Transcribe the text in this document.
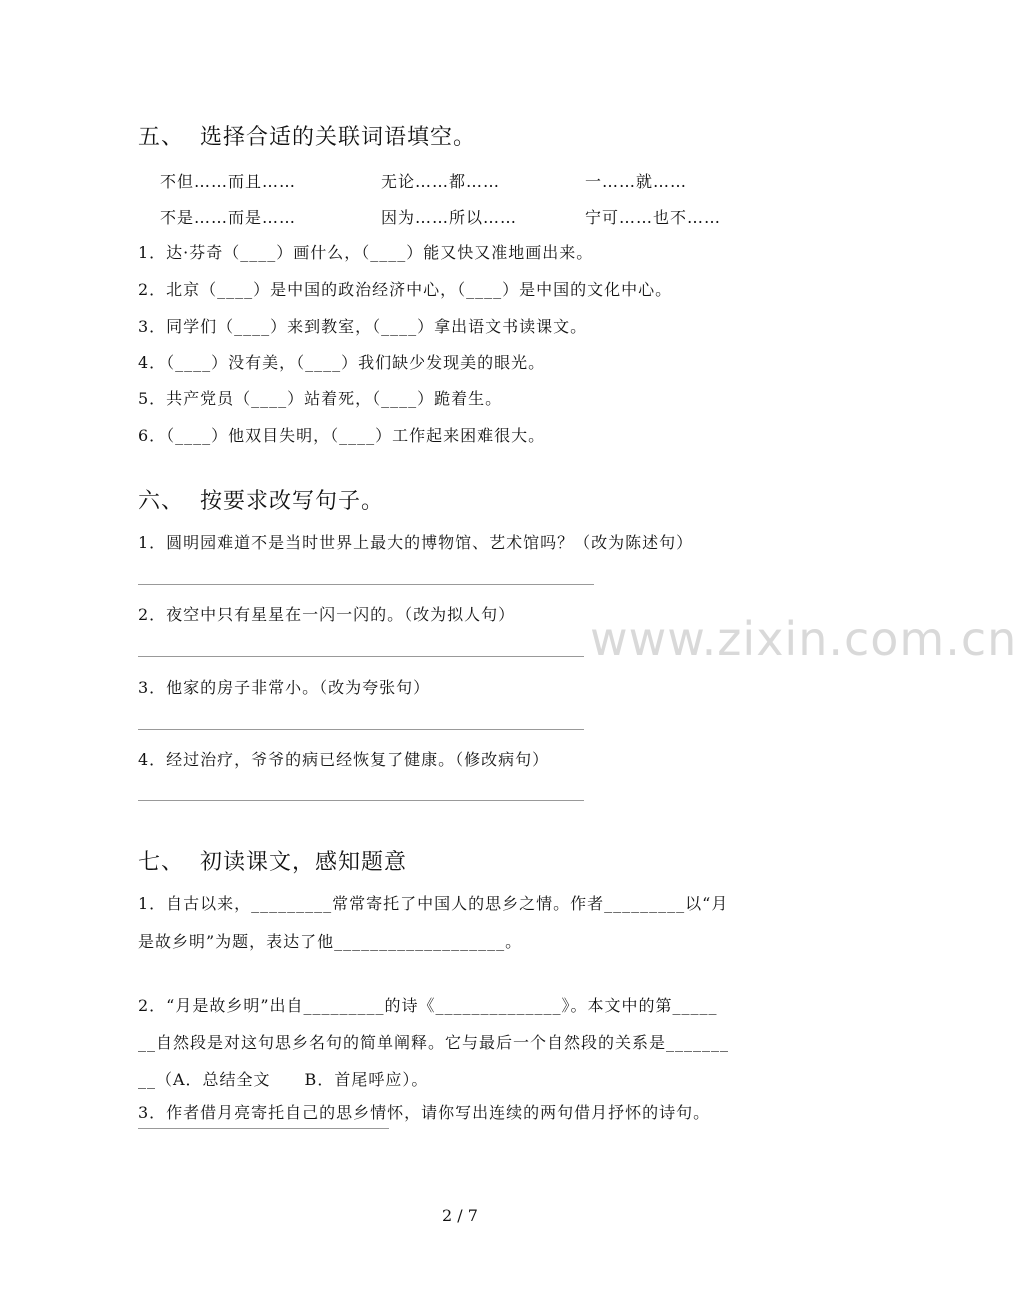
五、 选择合适的关联词语填空。
不但……而且……	无论……都……	一……就……
不是……而是……	因为……所以……	宁可……也不……
1．达·芬奇（____）画什么，（____）能又快又准地画出来。
2．北京（____）是中国的政治经济中心，（____）是中国的文化中心。
3．同学们（____）来到教室，（____）拿出语文书读课文。
4．（____）没有美，（____）我们缺少发现美的眼光。
5．共产党员（____）站着死，（____）跪着生。
6．（____）他双目失明，（____）工作起来困难很大。
六、 按要求改写句子。
1．圆明园难道不是当时世界上最大的博物馆、艺术馆吗？（改为陈述句）
2．夜空中只有星星在一闪一闪的。（改为拟人句）
3．他家的房子非常小。（改为夸张句）
4．经过治疗，爷爷的病已经恢复了健康。（修改病句）
七、 初读课文，感知题意
1．自古以来，_________常常寄托了中国人的思乡之情。作者_________以“月
是故乡明”为题，表达了他___________________。
2．“月是故乡明”出自_________的诗《______________》。本文中的第_____
__自然段是对这句思乡名句的简单阐释。它与最后一个自然段的关系是_______
__（A．总结全文　　B．首尾呼应）。
3．作者借月亮寄托自己的思乡情怀，请你写出连续的两句借月抒怀的诗句。
www.zixin.com.cn
2 / 7
